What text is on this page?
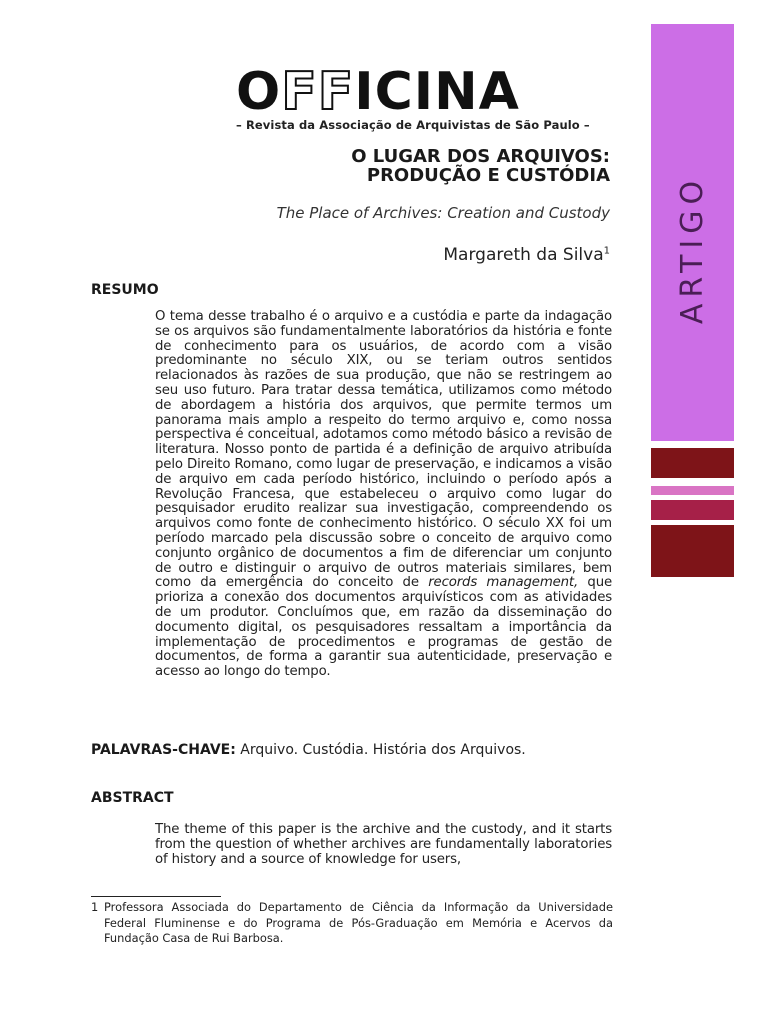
OFFICINA
– Revista da Associação de Arquivistas de São Paulo –
ARTIGO
O LUGAR DOS ARQUIVOS:
PRODUÇÃO E CUSTÓDIA
The Place of Archives: Creation and Custody
Margareth da Silva$^1$
RESUMO
O tema desse trabalho é o arquivo e a custódia e parte da indagação se os arquivos são fundamentalmente laboratórios da história e fonte de conhecimento para os usuários, de acordo com a visão predominante no século XIX, ou se teriam outros sentidos relacionados às razões de sua produção, que não se restringem ao seu uso futuro. Para tratar dessa temática, utilizamos como método de abordagem a história dos arquivos, que permite termos um panorama mais amplo a respeito do termo arquivo e, como nossa perspectiva é conceitual, adotamos como método básico a revisão de literatura. Nosso ponto de partida é a definição de arquivo atribuída pelo Direito Romano, como lugar de preservação, e indicamos a visão de arquivo em cada período histórico, incluindo o período após a Revolução Francesa, que estabeleceu o arquivo como lugar do pesquisador erudito realizar sua investigação, compreendendo os arquivos como fonte de conhecimento histórico. O século XX foi um período marcado pela discussão sobre o conceito de arquivo como conjunto orgânico de documentos a fim de diferenciar um conjunto de outro e distinguir o arquivo de outros materiais similares, bem como da emergência do conceito de records management, que prioriza a conexão dos documentos arquivísticos com as atividades de um produtor. Concluímos que, em razão da disseminação do documento digital, os pesquisadores ressaltam a importância da implementação de procedimentos e programas de gestão de documentos, de forma a garantir sua autenticidade, preservação e acesso ao longo do tempo.
PALAVRAS-CHAVE: Arquivo. Custódia. História dos Arquivos.
ABSTRACT
The theme of this paper is the archive and the custody, and it starts from the question of whether archives are fundamentally laboratories of history and a source of knowledge for users,
1 Professora Associada do Departamento de Ciência da Informação da Universidade Federal Fluminense e do Programa de Pós-Graduação em Memória e Acervos da Fundação Casa de Rui Barbosa.
